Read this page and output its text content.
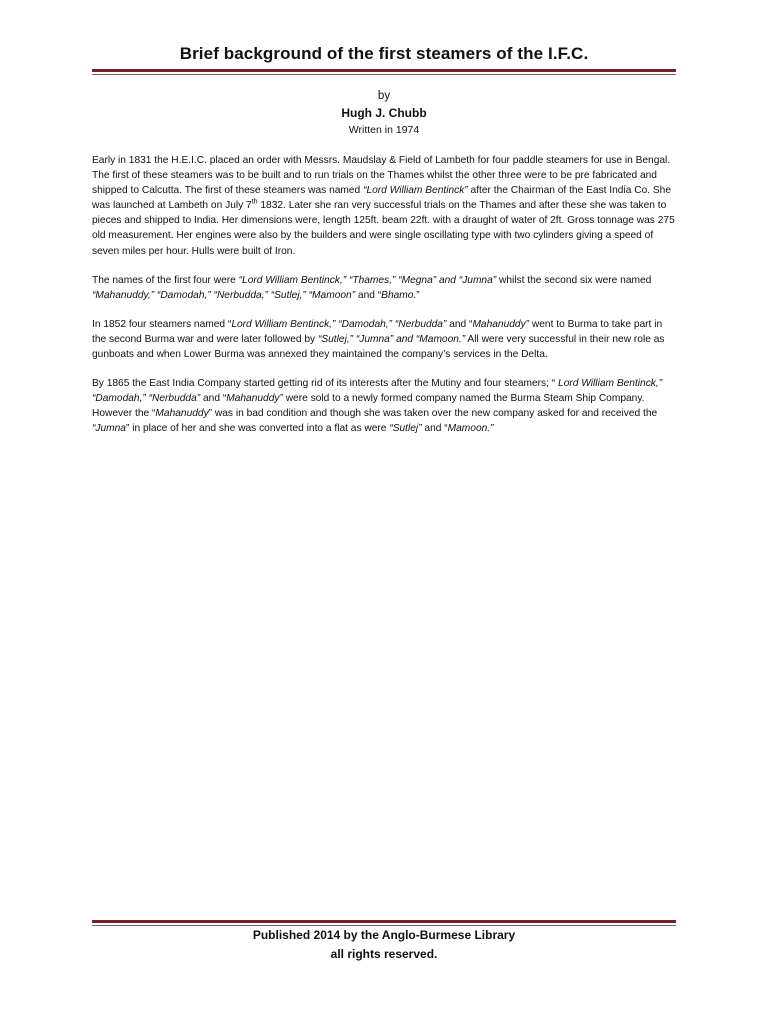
Brief background of the first steamers of the I.F.C.
by
Hugh J. Chubb
Written in 1974

Early in 1831 the H.E.I.C. placed an order with Messrs. Maudslay & Field of Lambeth for four paddle steamers for use in Bengal. The first of these steamers was to be built and to run trials on the Thames whilst the other three were to be pre fabricated and shipped to Calcutta. The first of these steamers was named “Lord William Bentinck” after the Chairman of the East India Co. She was launched at Lambeth on July 7th 1832. Later she ran very successful trials on the Thames and after these she was taken to pieces and shipped to India. Her dimensions were, length 125ft. beam 22ft. with a draught of water of 2ft. Gross tonnage was 275 old measurement. Her engines were also by the builders and were single oscillating type with two cylinders giving a speed of seven miles per hour. Hulls were built of Iron.

The names of the first four were “Lord William Bentinck,” “Thames,” “Megna” and “Jumna” whilst the second six were named “Mahanuddy,” “Damodah,” “Nerbudda,” “Sutlej,” “Mamoon” and “Bhamo.”

In 1852 four steamers named “Lord William Bentinck,” “Damodah,” “Nerbudda” and “Mahanuddy” went to Burma to take part in the second Burma war and were later followed by “Sutlej,” “Jumna” and “Mamoon.” All were very successful in their new role as gunboats and when Lower Burma was annexed they maintained the company’s services in the Delta.

By 1865 the East India Company started getting rid of its interests after the Mutiny and four steamers; “ Lord William Bentinck,” “Damodah,” “Nerbudda” and “Mahanuddy” were sold to a newly formed company named the Burma Steam Ship Company. However the “Mahanuddy” was in bad condition and though she was taken over the new company asked for and received the “Jumna” in place of her and she was converted into a flat as were “Sutlej” and “Mamoon.”

Published 2014 by the Anglo-Burmese Library
all rights reserved.
